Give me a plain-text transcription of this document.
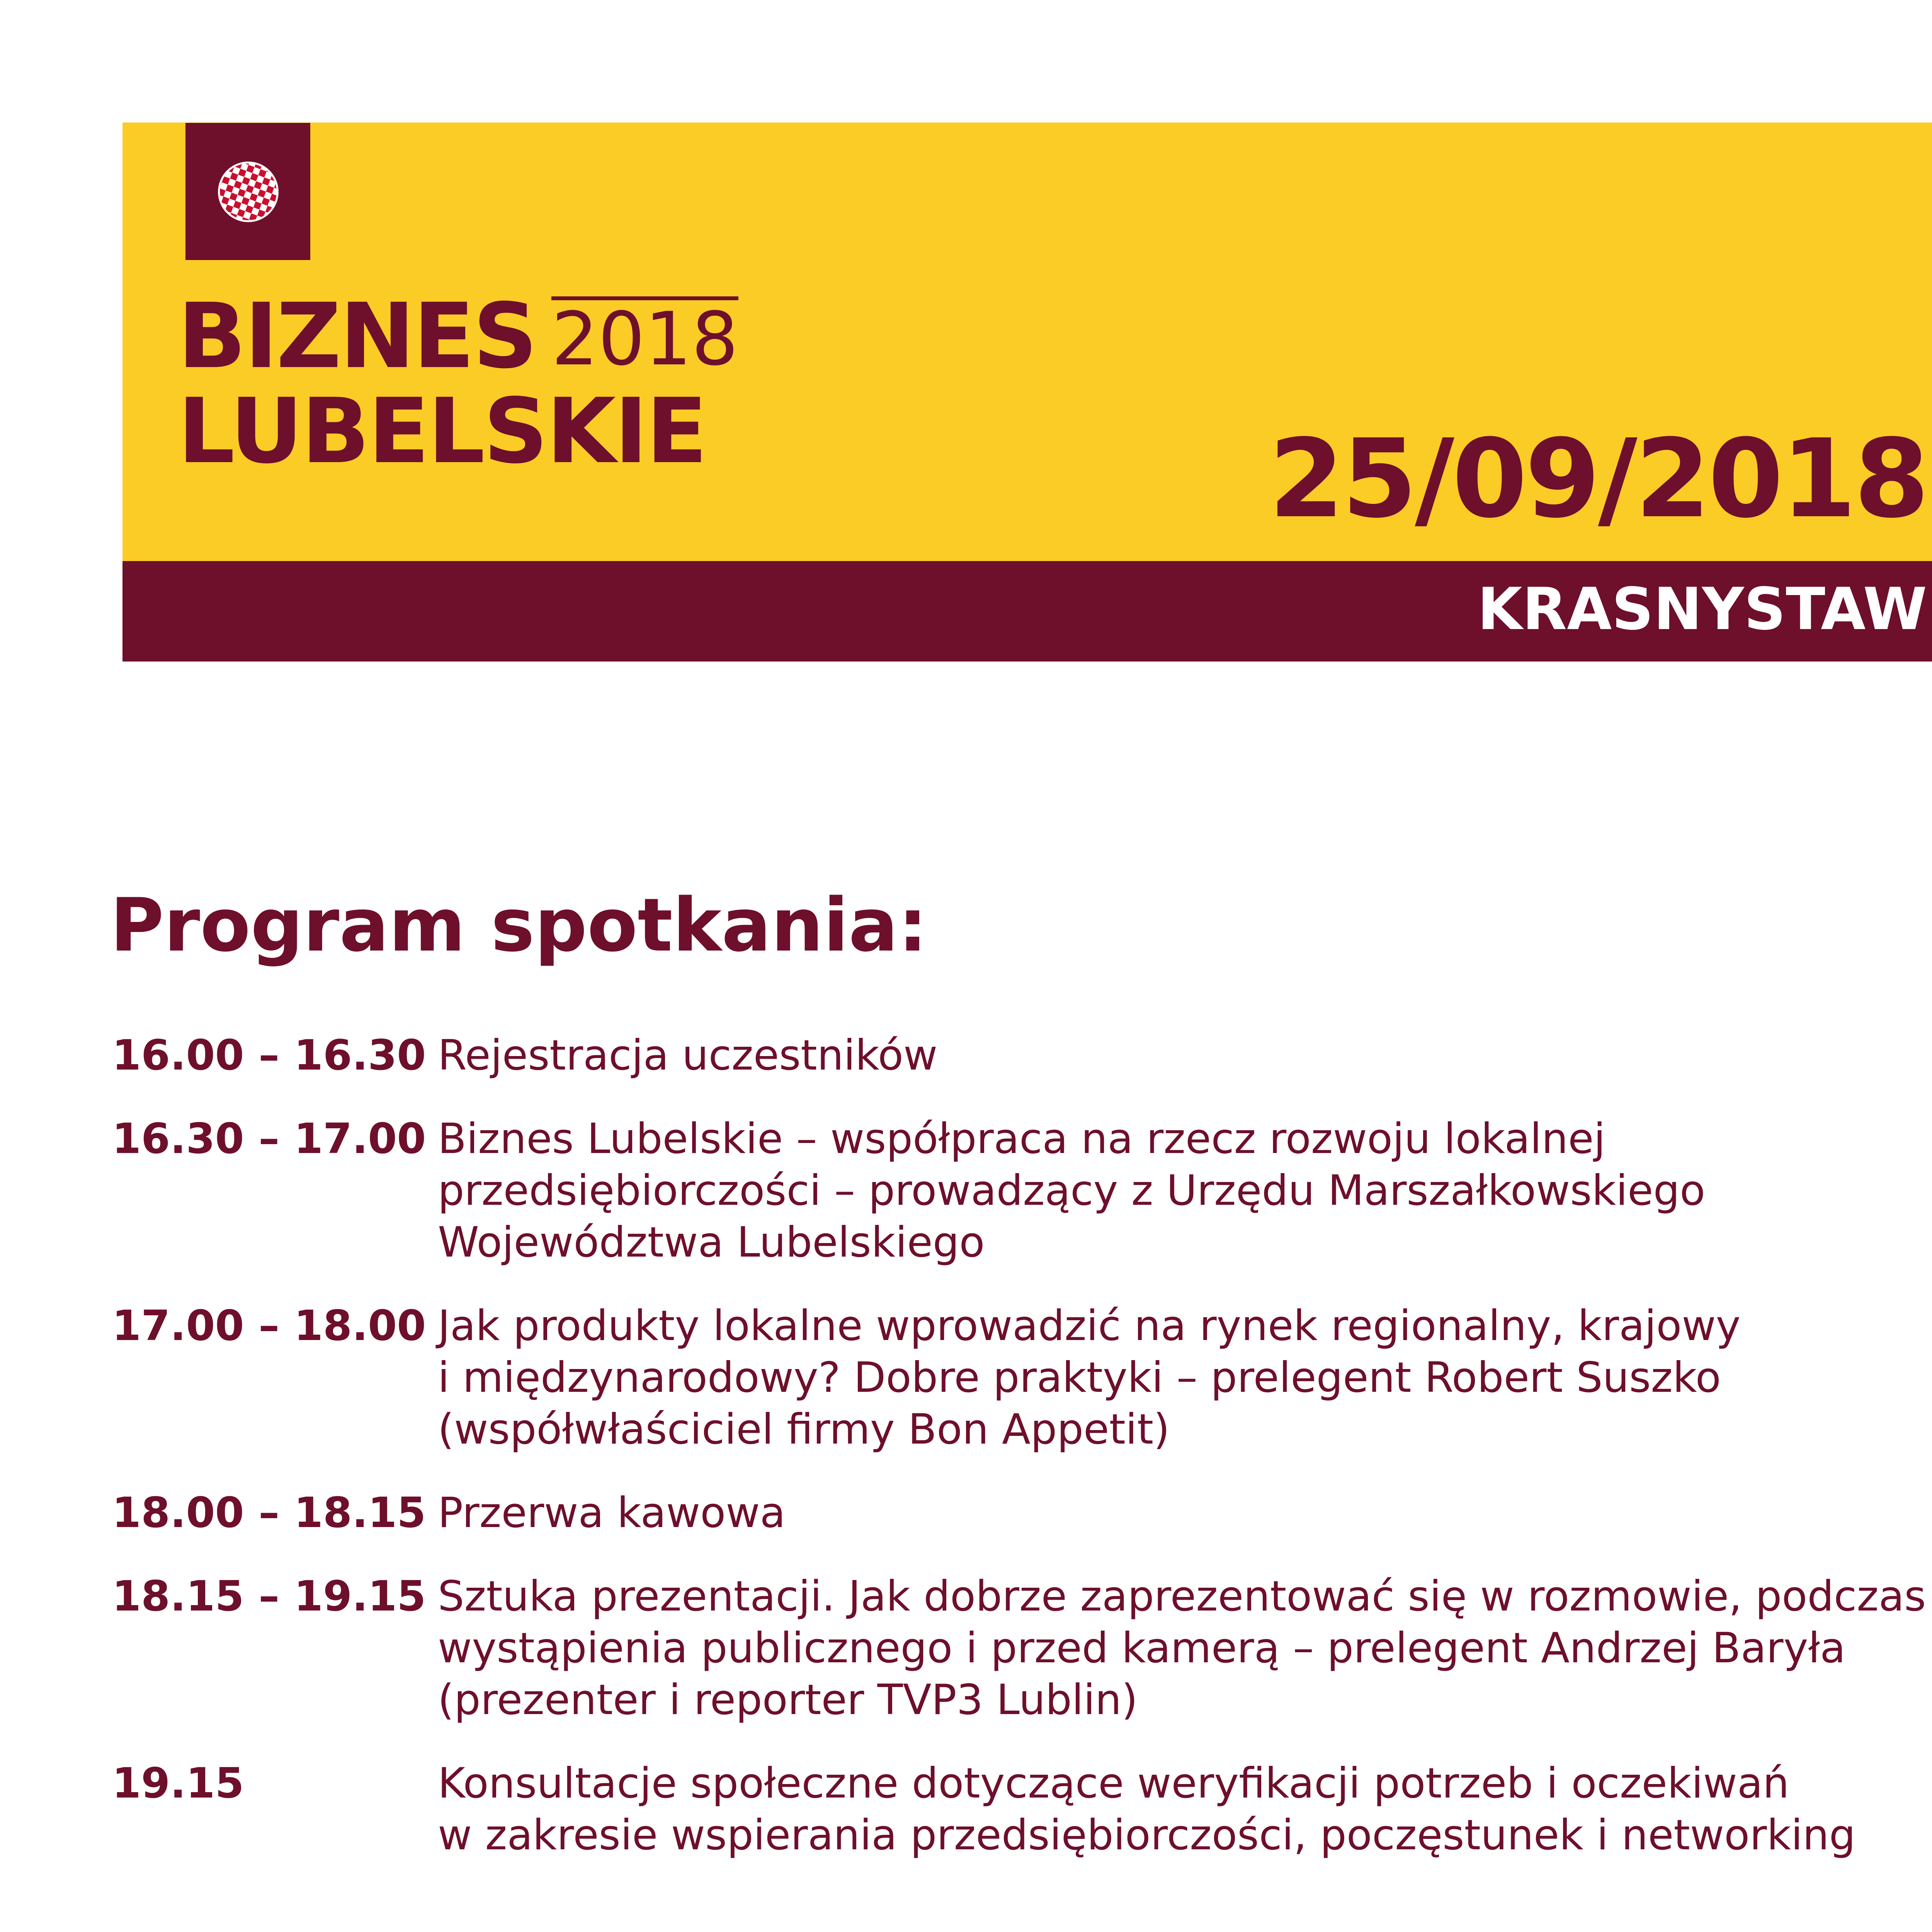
BIZNES 2018
LUBELSKIE	25/09/2018
KRASNYSTAW
Program spotkania:
16.00 – 16.30 Rejestracja uczestników
16.30 – 17.00 Biznes Lubelskie – współpraca na rzecz rozwoju lokalnej
przedsiębiorczości – prowadzący z Urzędu Marszałkowskiego
Województwa Lubelskiego
17.00 – 18.00 Jak produkty lokalne wprowadzić na rynek regionalny, krajowy
i międzynarodowy? Dobre praktyki – prelegent Robert Suszko
(współwłaściciel firmy Bon Appetit)
18.00 – 18.15 Przerwa kawowa
18.15 – 19.15 Sztuka prezentacji. Jak dobrze zaprezentować się w rozmowie, podczas
wystąpienia publicznego i przed kamerą – prelegent Andrzej Baryła
(prezenter i reporter TVP3 Lublin)
19.15	Konsultacje społeczne dotyczące weryfikacji potrzeb i oczekiwań
w zakresie wspierania przedsiębiorczości, poczęstunek i networking
